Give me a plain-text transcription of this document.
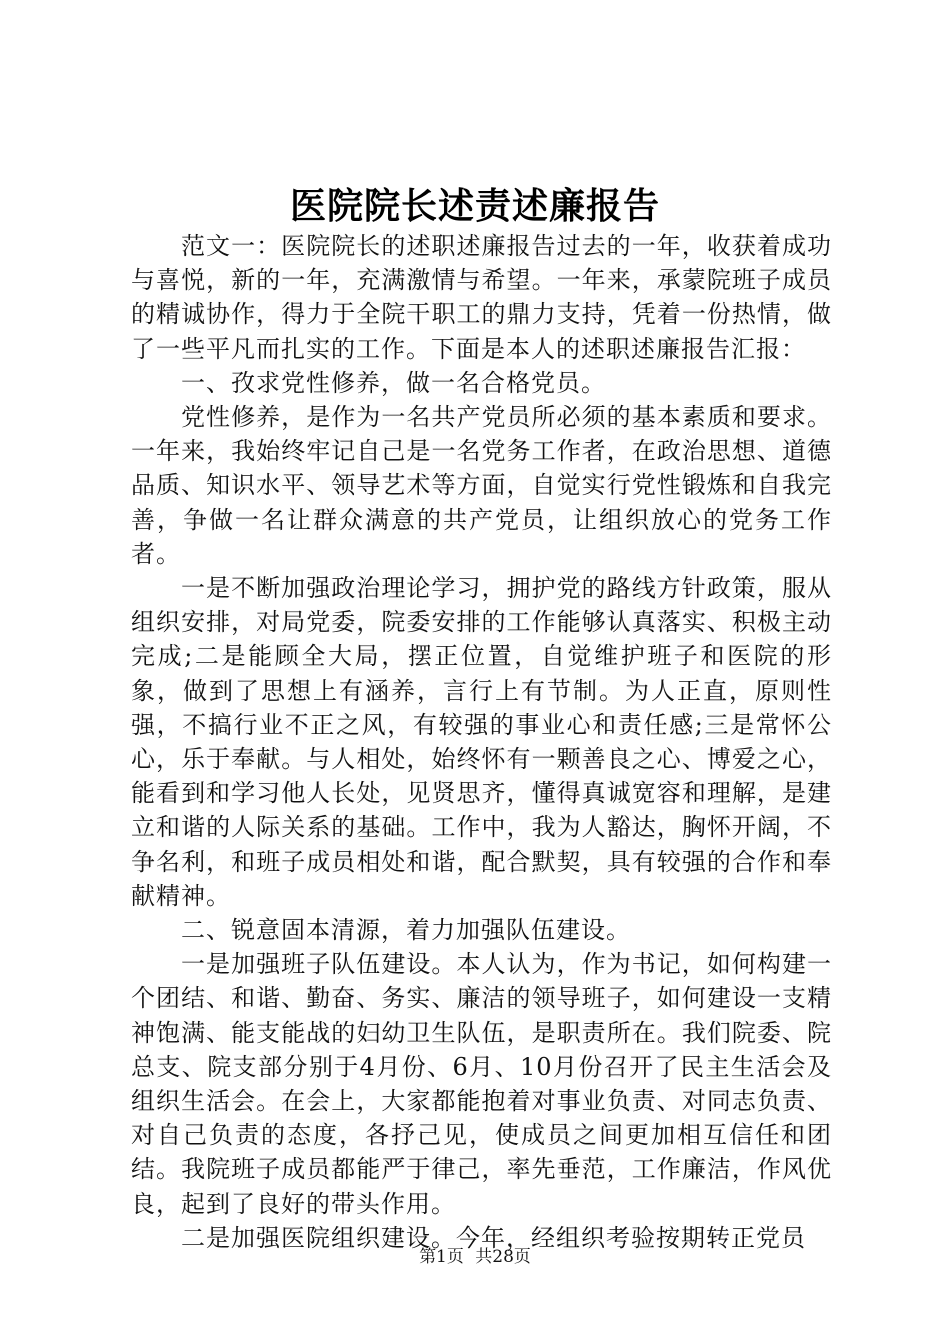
医院院长述责述廉报告

范文一：医院院长的述职述廉报告过去的一年，收获着成功与喜悦，新的一年，充满激情与希望。一年来，承蒙院班子成员的精诚协作，得力于全院干职工的鼎力支持，凭着一份热情，做了一些平凡而扎实的工作。下面是本人的述职述廉报告汇报：

一、孜求党性修养，做一名合格党员。

党性修养，是作为一名共产党员所必须的基本素质和要求。一年来，我始终牢记自己是一名党务工作者，在政治思想、道德品质、知识水平、领导艺术等方面，自觉实行党性锻炼和自我完善，争做一名让群众满意的共产党员，让组织放心的党务工作者。

一是不断加强政治理论学习，拥护党的路线方针政策，服从组织安排，对局党委，院委安排的工作能够认真落实、积极主动完成;二是能顾全大局，摆正位置，自觉维护班子和医院的形象，做到了思想上有涵养，言行上有节制。为人正直，原则性强，不搞行业不正之风，有较强的事业心和责任感;三是常怀公心，乐于奉献。与人相处，始终怀有一颗善良之心、博爱之心，能看到和学习他人长处，见贤思齐，懂得真诚宽容和理解，是建立和谐的人际关系的基础。工作中，我为人豁达，胸怀开阔，不争名利，和班子成员相处和谐，配合默契，具有较强的合作和奉献精神。

二、锐意固本清源，着力加强队伍建设。

一是加强班子队伍建设。本人认为，作为书记，如何构建一个团结、和谐、勤奋、务实、廉洁的领导班子，如何建设一支精神饱满、能支能战的妇幼卫生队伍，是职责所在。我们院委、院总支、院支部分别于4月份、6月、10月份召开了民主生活会及组织生活会。在会上，大家都能抱着对事业负责、对同志负责、对自己负责的态度，各抒己见，使成员之间更加相互信任和团结。我院班子成员都能严于律己，率先垂范，工作廉洁，作风优良，起到了良好的带头作用。

二是加强医院组织建设。今年，经组织考验按期转正党员

第1页 共28页
